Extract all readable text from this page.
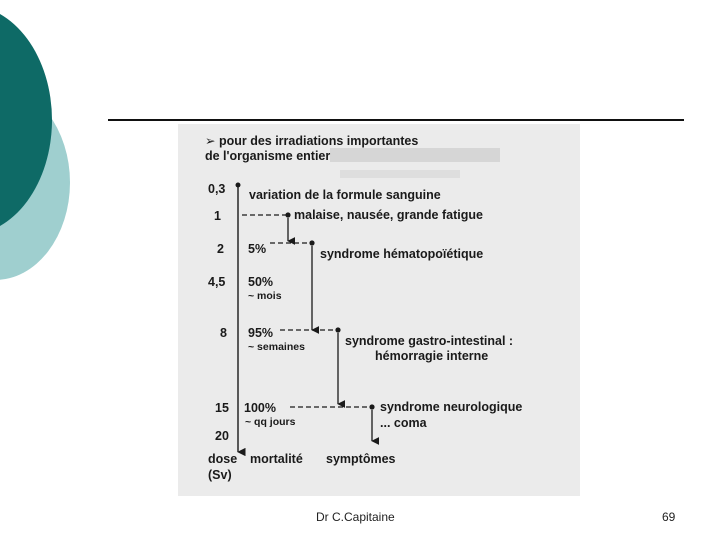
➢ pour des irradiations importantes
de l'organisme entier
0,3
1
2
4,5
8
15
20
5%
50%
~ mois
95%
~ semaines
100%
~ qq jours
variation de la formule sanguine
malaise, nausée, grande fatigue
syndrome hématopoïétique
syndrome gastro-intestinal :
hémorragie interne
syndrome neurologique
... coma
dose
(Sv)
mortalité symptômes
Dr C.Capitaine	69
